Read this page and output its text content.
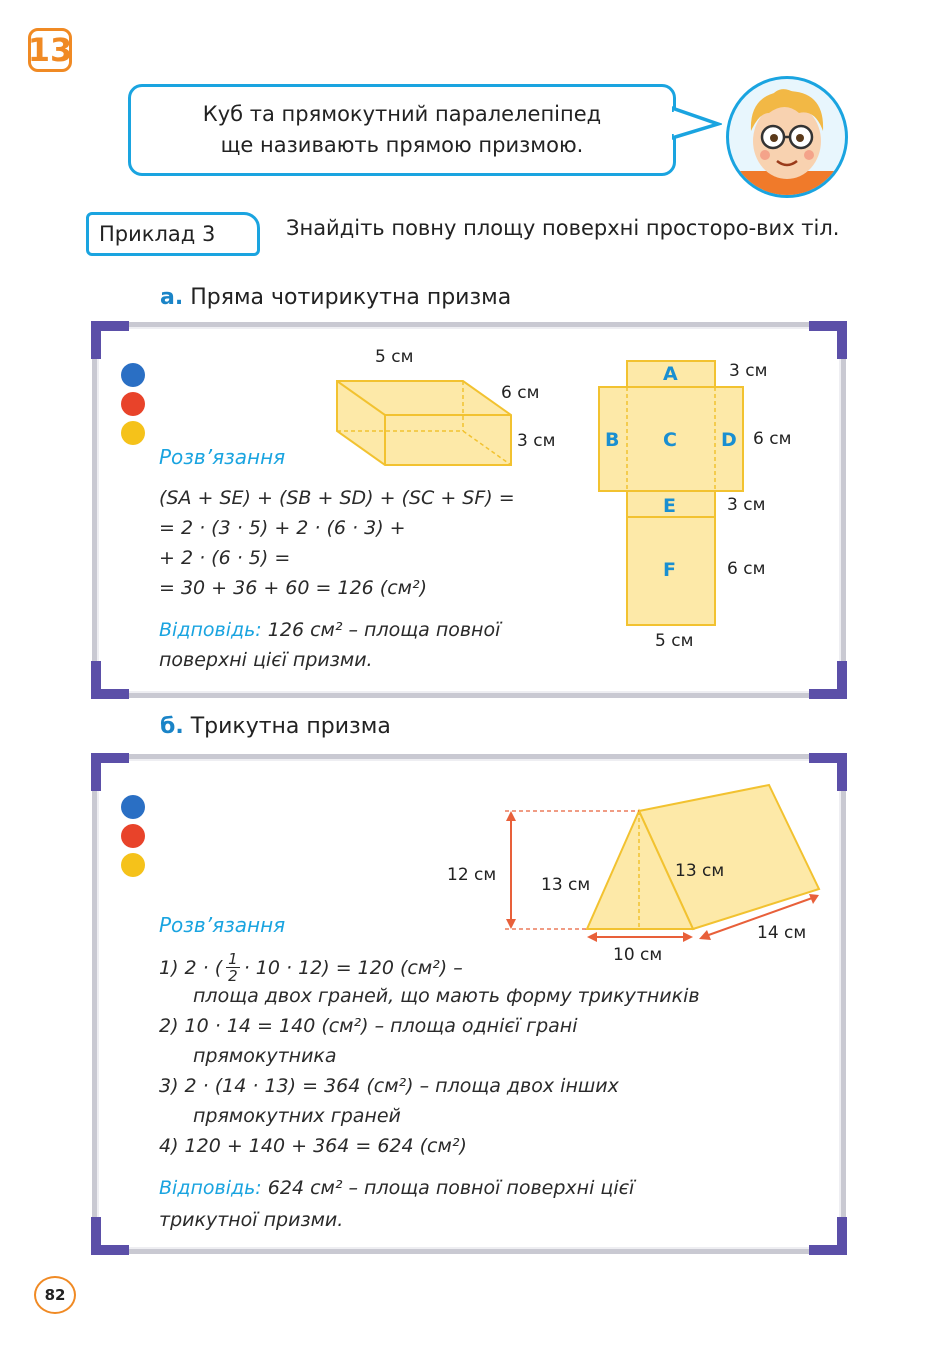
13
Куб та прямокутний паралелепіпед
ще називають прямою призмою.
Приклад 3	Знайдіть повну площу поверхні просторо-вих тіл.
а. Пряма чотирикутна призма
5 см
6 см
3 см
A
B C D
E
F
3 см
6 см
3 см
6 см
5 см
Розв’язання
(SA + SE) + (SB + SD) + (SC + SF) =
= 2 · (3 · 5) + 2 · (6 · 3) +
+ 2 · (6 · 5) =
= 30 + 36 + 60 = 126 (см²)
Відповідь: 126 см² – площа повної
поверхні цієї призми.
б. Трикутна призма
12 см	13 см
13 см
10 см
14 см
Розв’язання
1) 2 · ( $\frac{1}{2} \cdot 10 \cdot 12) = 120$ (см²) –
площа двох граней, що мають форму трикутників
2) 10 · 14 = 140 (см²) – площа однієї грані
прямокутника
3) 2 · (14 · 13) = 364 (см²) – площа двох інших
прямокутних граней
4) 120 + 140 + 364 = 624 (см²)
Відповідь: 624 см² – площа повної поверхні цієї
трикутної призми.
82
